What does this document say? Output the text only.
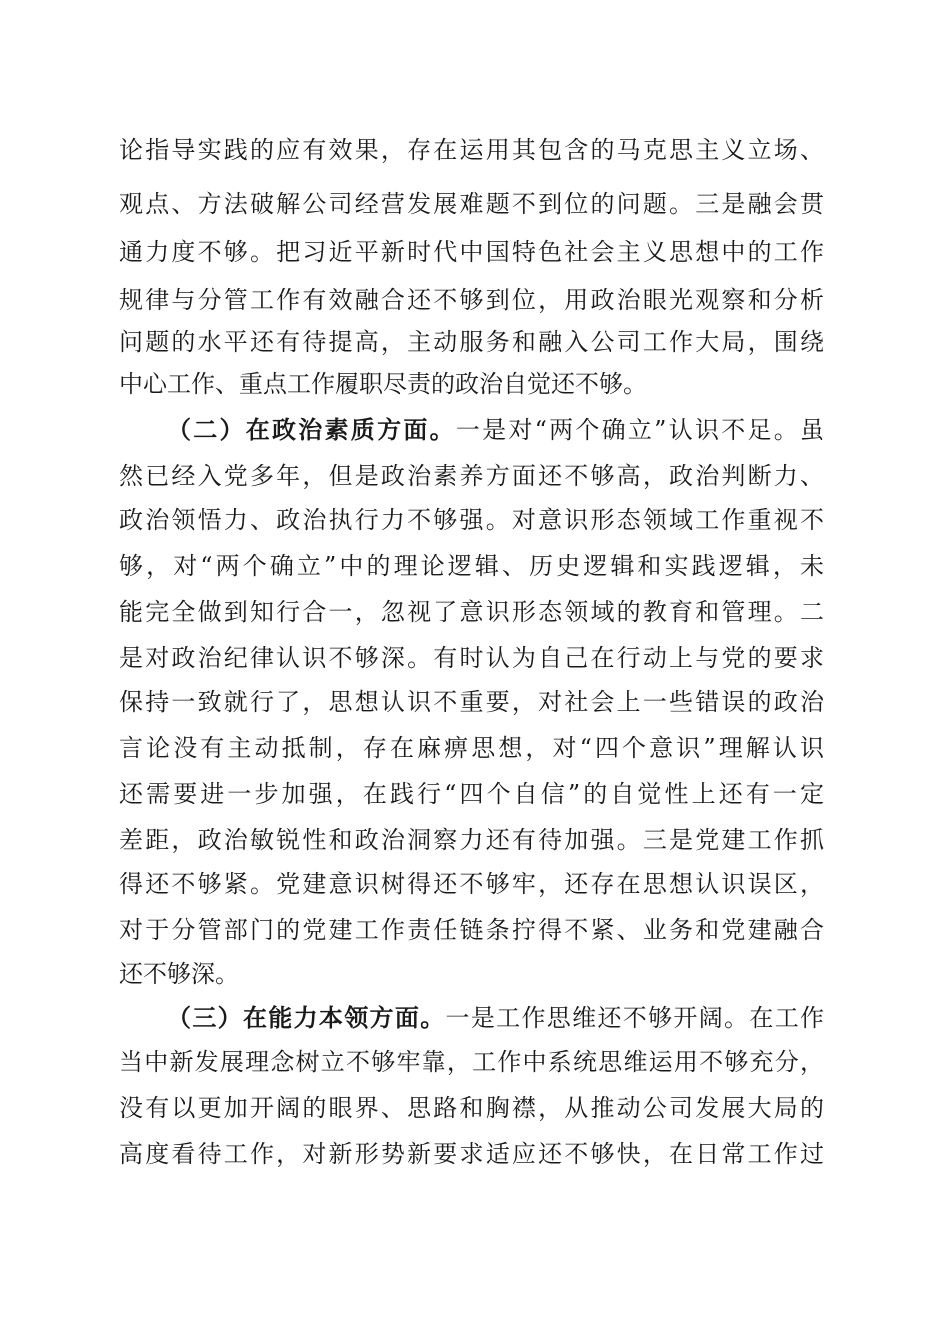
论指导实践的应有效果，存在运用其包含的马克思主义立场、
观点、方法破解公司经营发展难题不到位的问题。三是融会贯
通力度不够。把习近平新时代中国特色社会主义思想中的工作
规律与分管工作有效融合还不够到位，用政治眼光观察和分析
问题的水平还有待提高，主动服务和融入公司工作大局，围绕
中心工作、重点工作履职尽责的政治自觉还不够。
（二）在政治素质方面。一是对“两个确立”认识不足。虽
然已经入党多年，但是政治素养方面还不够高，政治判断力、
政治领悟力、政治执行力不够强。对意识形态领域工作重视不
够，对“两个确立”中的理论逻辑、历史逻辑和实践逻辑，未
能完全做到知行合一，忽视了意识形态领域的教育和管理。二
是对政治纪律认识不够深。有时认为自己在行动上与党的要求
保持一致就行了，思想认识不重要，对社会上一些错误的政治
言论没有主动抵制，存在麻痹思想，对“四个意识”理解认识
还需要进一步加强，在践行“四个自信”的自觉性上还有一定
差距，政治敏锐性和政治洞察力还有待加强。三是党建工作抓
得还不够紧。党建意识树得还不够牢，还存在思想认识误区，
对于分管部门的党建工作责任链条拧得不紧、业务和党建融合
还不够深。
（三）在能力本领方面。一是工作思维还不够开阔。在工作
当中新发展理念树立不够牢靠，工作中系统思维运用不够充分，
没有以更加开阔的眼界、思路和胸襟，从推动公司发展大局的
高度看待工作，对新形势新要求适应还不够快，在日常工作过
